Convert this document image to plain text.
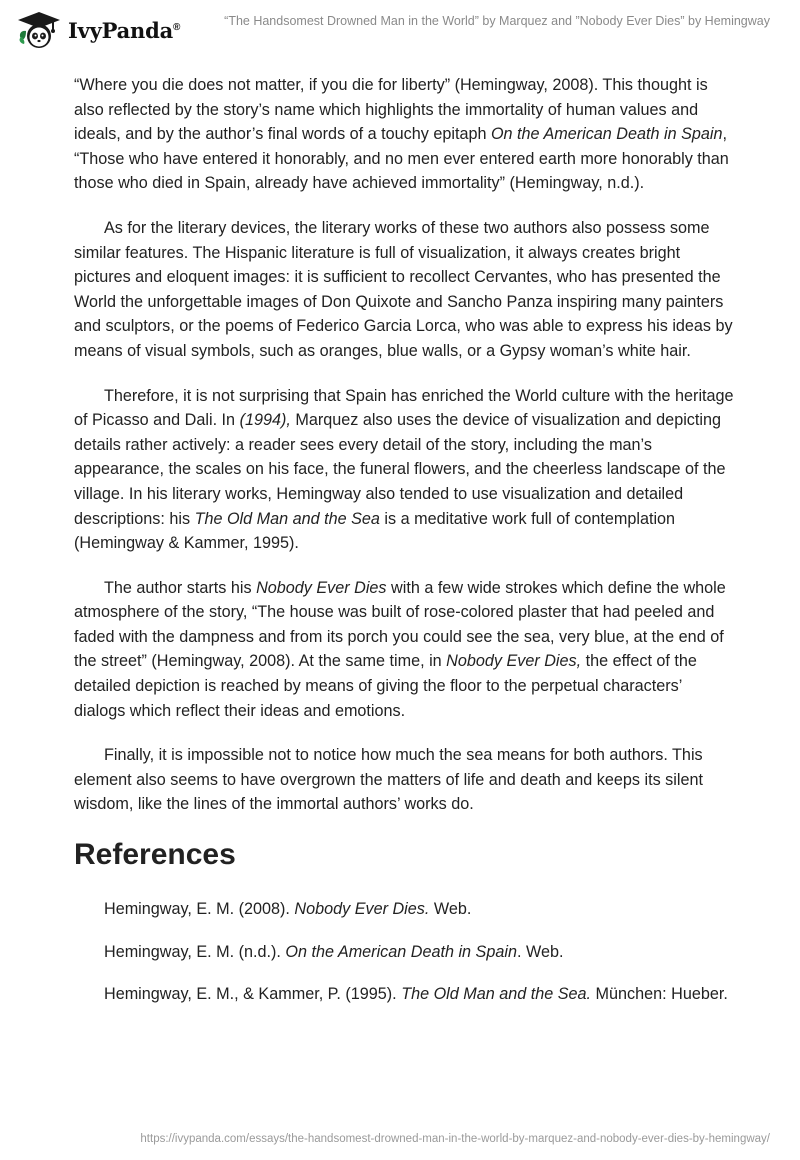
IvyPanda®	“The Handsomest Drowned Man in the World” by Marquez and ”Nobody Ever Dies” by Hemingway

“Where you die does not matter, if you die for liberty” (Hemingway, 2008). This thought is also reflected by the story’s name which highlights the immortality of human values and ideals, and by the author’s final words of a touchy epitaph On the American Death in Spain, “Those who have entered it honorably, and no men ever entered earth more honorably than those who died in Spain, already have achieved immortality” (Hemingway, n.d.).

As for the literary devices, the literary works of these two authors also possess some similar features. The Hispanic literature is full of visualization, it always creates bright pictures and eloquent images: it is sufficient to recollect Cervantes, who has presented the World the unforgettable images of Don Quixote and Sancho Panza inspiring many painters and sculptors, or the poems of Federico Garcia Lorca, who was able to express his ideas by means of visual symbols, such as oranges, blue walls, or a Gypsy woman’s white hair.

Therefore, it is not surprising that Spain has enriched the World culture with the heritage of Picasso and Dali. In (1994), Marquez also uses the device of visualization and depicting details rather actively: a reader sees every detail of the story, including the man’s appearance, the scales on his face, the funeral flowers, and the cheerless landscape of the village. In his literary works, Hemingway also tended to use visualization and detailed descriptions: his The Old Man and the Sea is a meditative work full of contemplation (Hemingway & Kammer, 1995).

The author starts his Nobody Ever Dies with a few wide strokes which define the whole atmosphere of the story, “The house was built of rose-colored plaster that had peeled and faded with the dampness and from its porch you could see the sea, very blue, at the end of the street” (Hemingway, 2008). At the same time, in Nobody Ever Dies, the effect of the detailed depiction is reached by means of giving the floor to the perpetual characters’ dialogs which reflect their ideas and emotions.

Finally, it is impossible not to notice how much the sea means for both authors. This element also seems to have overgrown the matters of life and death and keeps its silent wisdom, like the lines of the immortal authors’ works do.

References

Hemingway, E. M. (2008). Nobody Ever Dies. Web.

Hemingway, E. M. (n.d.). On the American Death in Spain. Web.

Hemingway, E. M., & Kammer, P. (1995). The Old Man and the Sea. München: Hueber.

https://ivypanda.com/essays/the-handsomest-drowned-man-in-the-world-by-marquez-and-nobody-ever-dies-by-hemingway/
